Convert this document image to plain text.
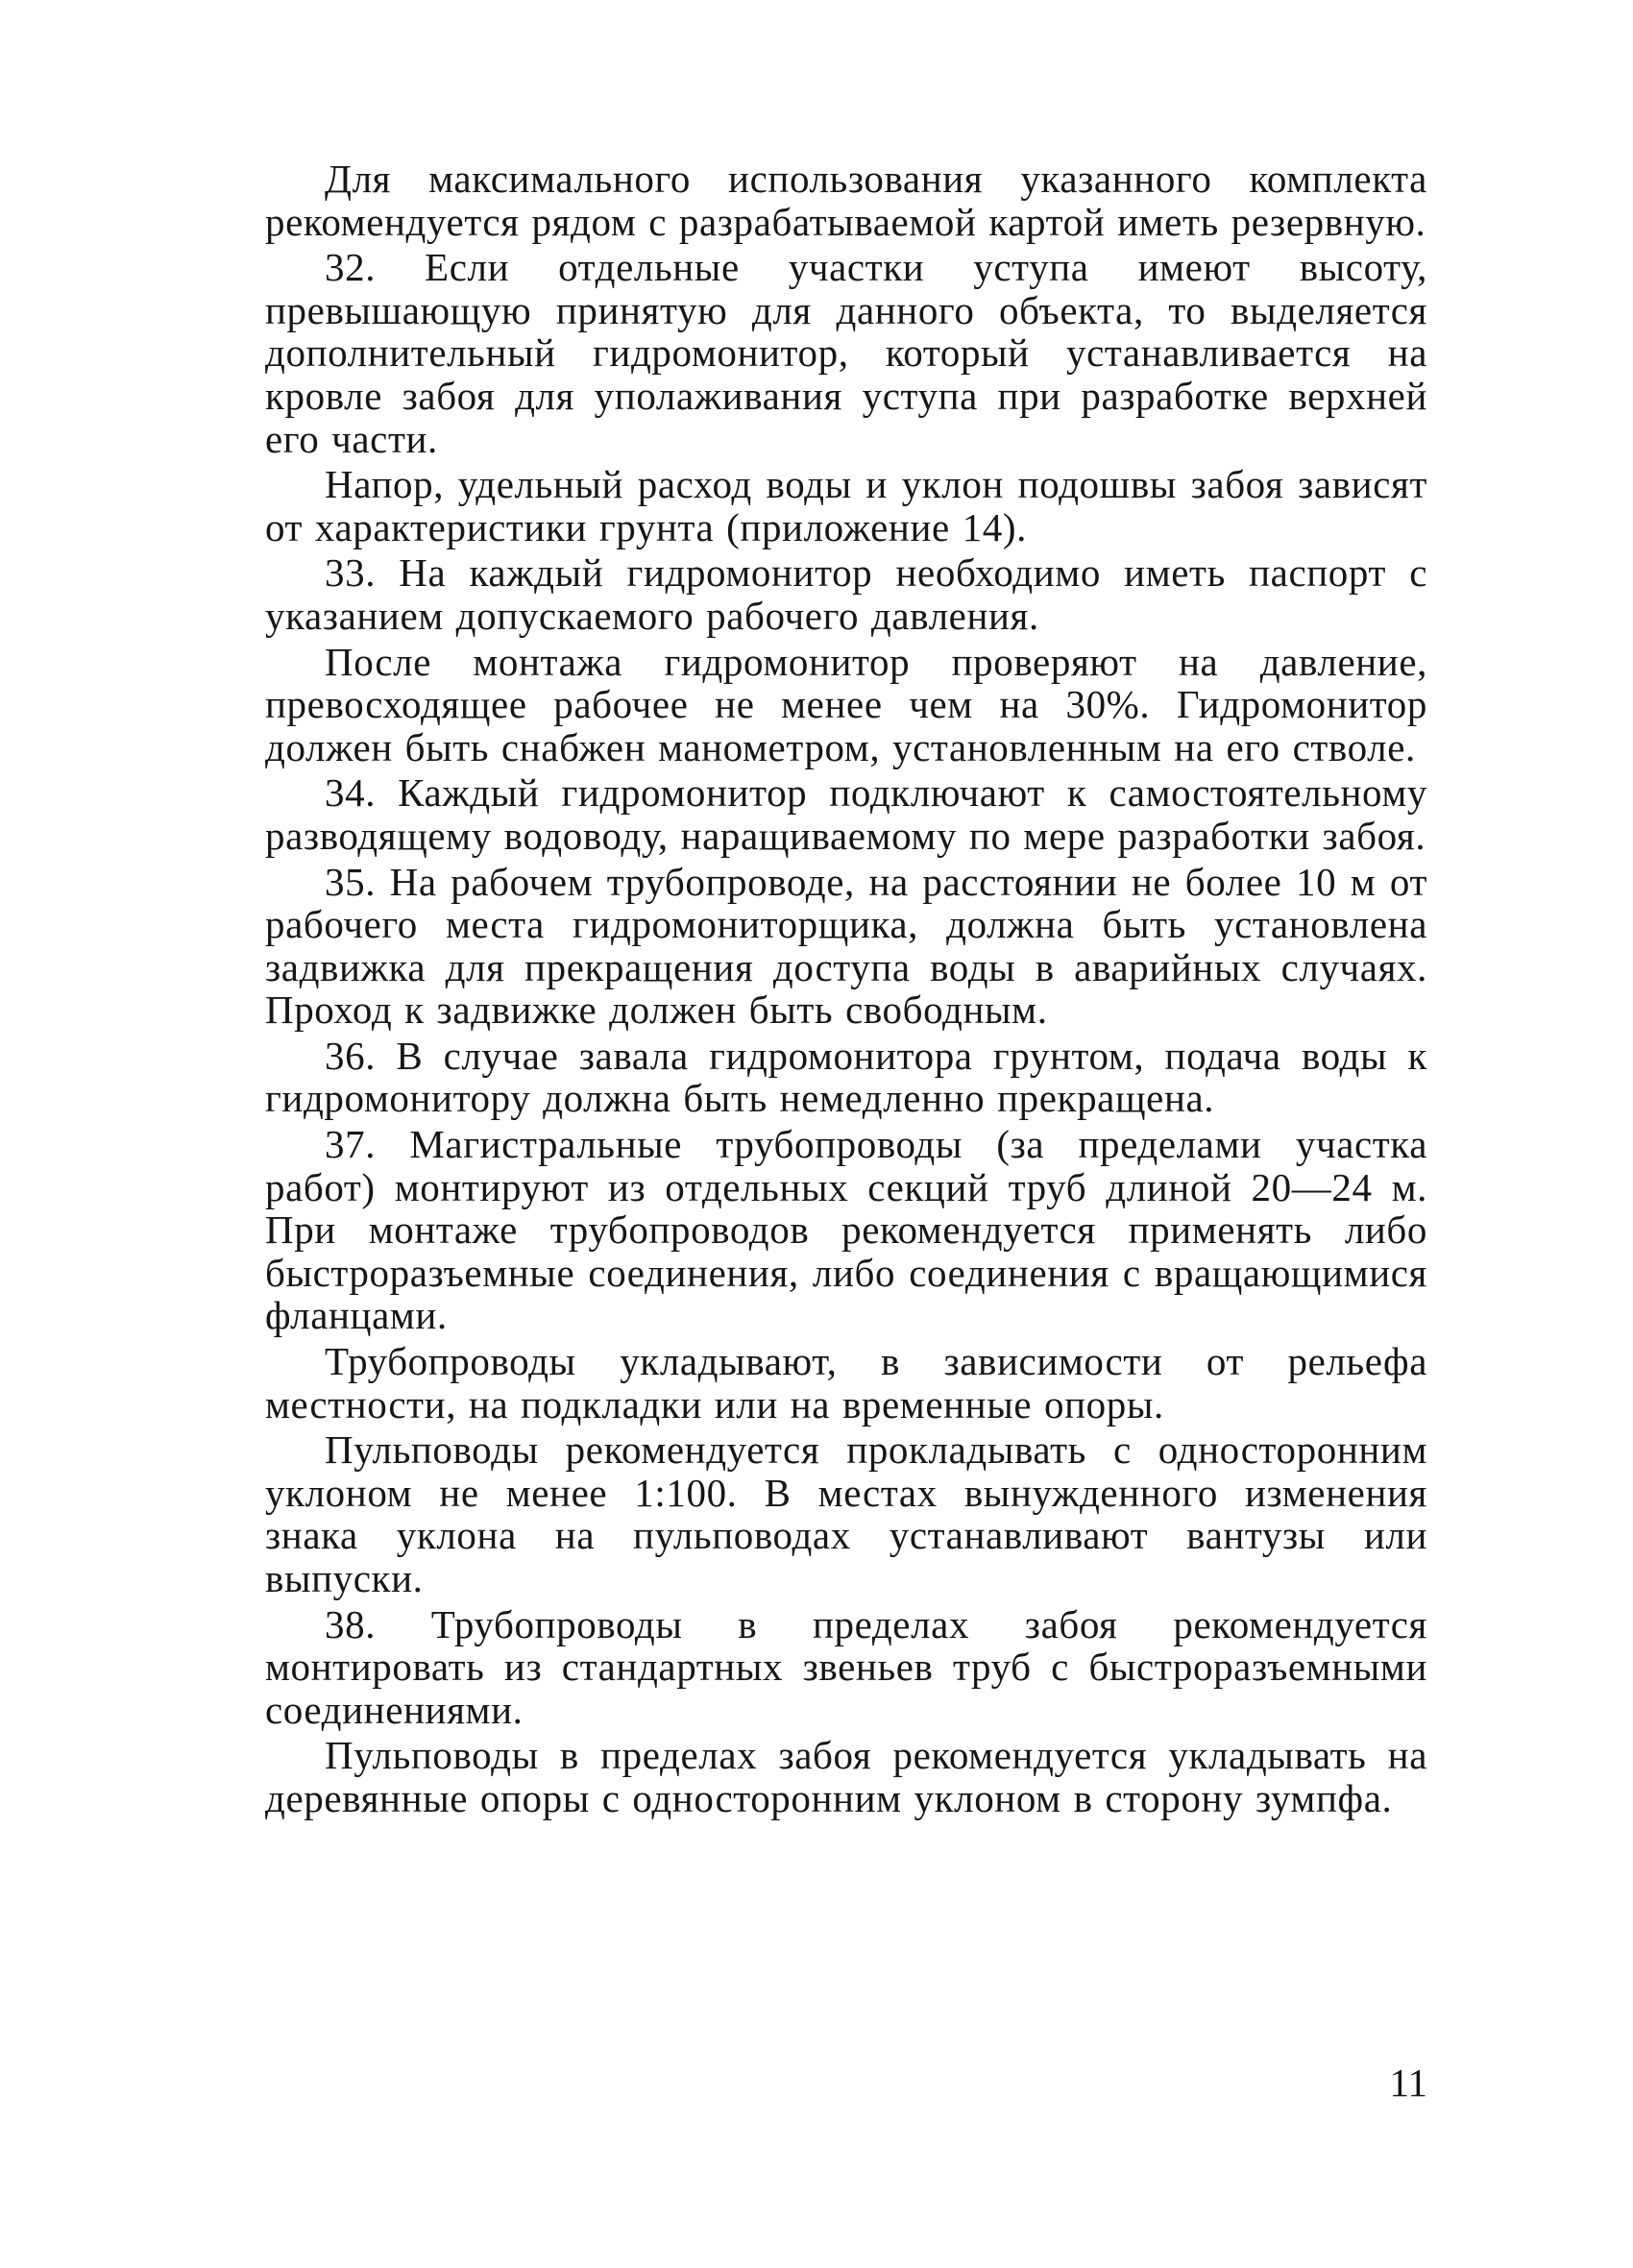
Для максимального использования указанного комплекта рекомендуется рядом с разрабатываемой картой иметь резервную.

32. Если отдельные участки уступа имеют высоту, превышающую принятую для данного объекта, то выделяется дополнительный гидромонитор, который устанавливается на кровле забоя для уполаживания уступа при разработке верхней его части.

Напор, удельный расход воды и уклон подошвы забоя зависят от характеристики грунта (приложение 14).

33. На каждый гидромонитор необходимо иметь паспорт с указанием допускаемого рабочего давления.

После монтажа гидромонитор проверяют на давление, превосходящее рабочее не менее чем на 30%. Гидромонитор должен быть снабжен манометром, установленным на его стволе.

34. Каждый гидромонитор подключают к самостоятельному разводящему водоводу, наращиваемому по мере разработки забоя.

35. На рабочем трубопроводе, на расстоянии не более 10 м от рабочего места гидромониторщика, должна быть установлена задвижка для прекращения доступа воды в аварийных случаях. Проход к задвижке должен быть свободным.

36. В случае завала гидромонитора грунтом, подача воды к гидромонитору должна быть немедленно прекращена.

37. Магистральные трубопроводы (за пределами участка работ) монтируют из отдельных секций труб длиной 20—24 м. При монтаже трубопроводов рекомендуется применять либо быстроразъемные соединения, либо соединения с вращающимися фланцами.

Трубопроводы укладывают, в зависимости от рельефа местности, на подкладки или на временные опоры.

Пульповоды рекомендуется прокладывать с односторонним уклоном не менее 1:100. В местах вынужденного изменения знака уклона на пульповодах устанавливают вантузы или выпуски.

38. Трубопроводы в пределах забоя рекомендуется монтировать из стандартных звеньев труб с быстроразъемными соединениями.

Пульповоды в пределах забоя рекомендуется укладывать на деревянные опоры с односторонним уклоном в сторону зумпфа.

11
